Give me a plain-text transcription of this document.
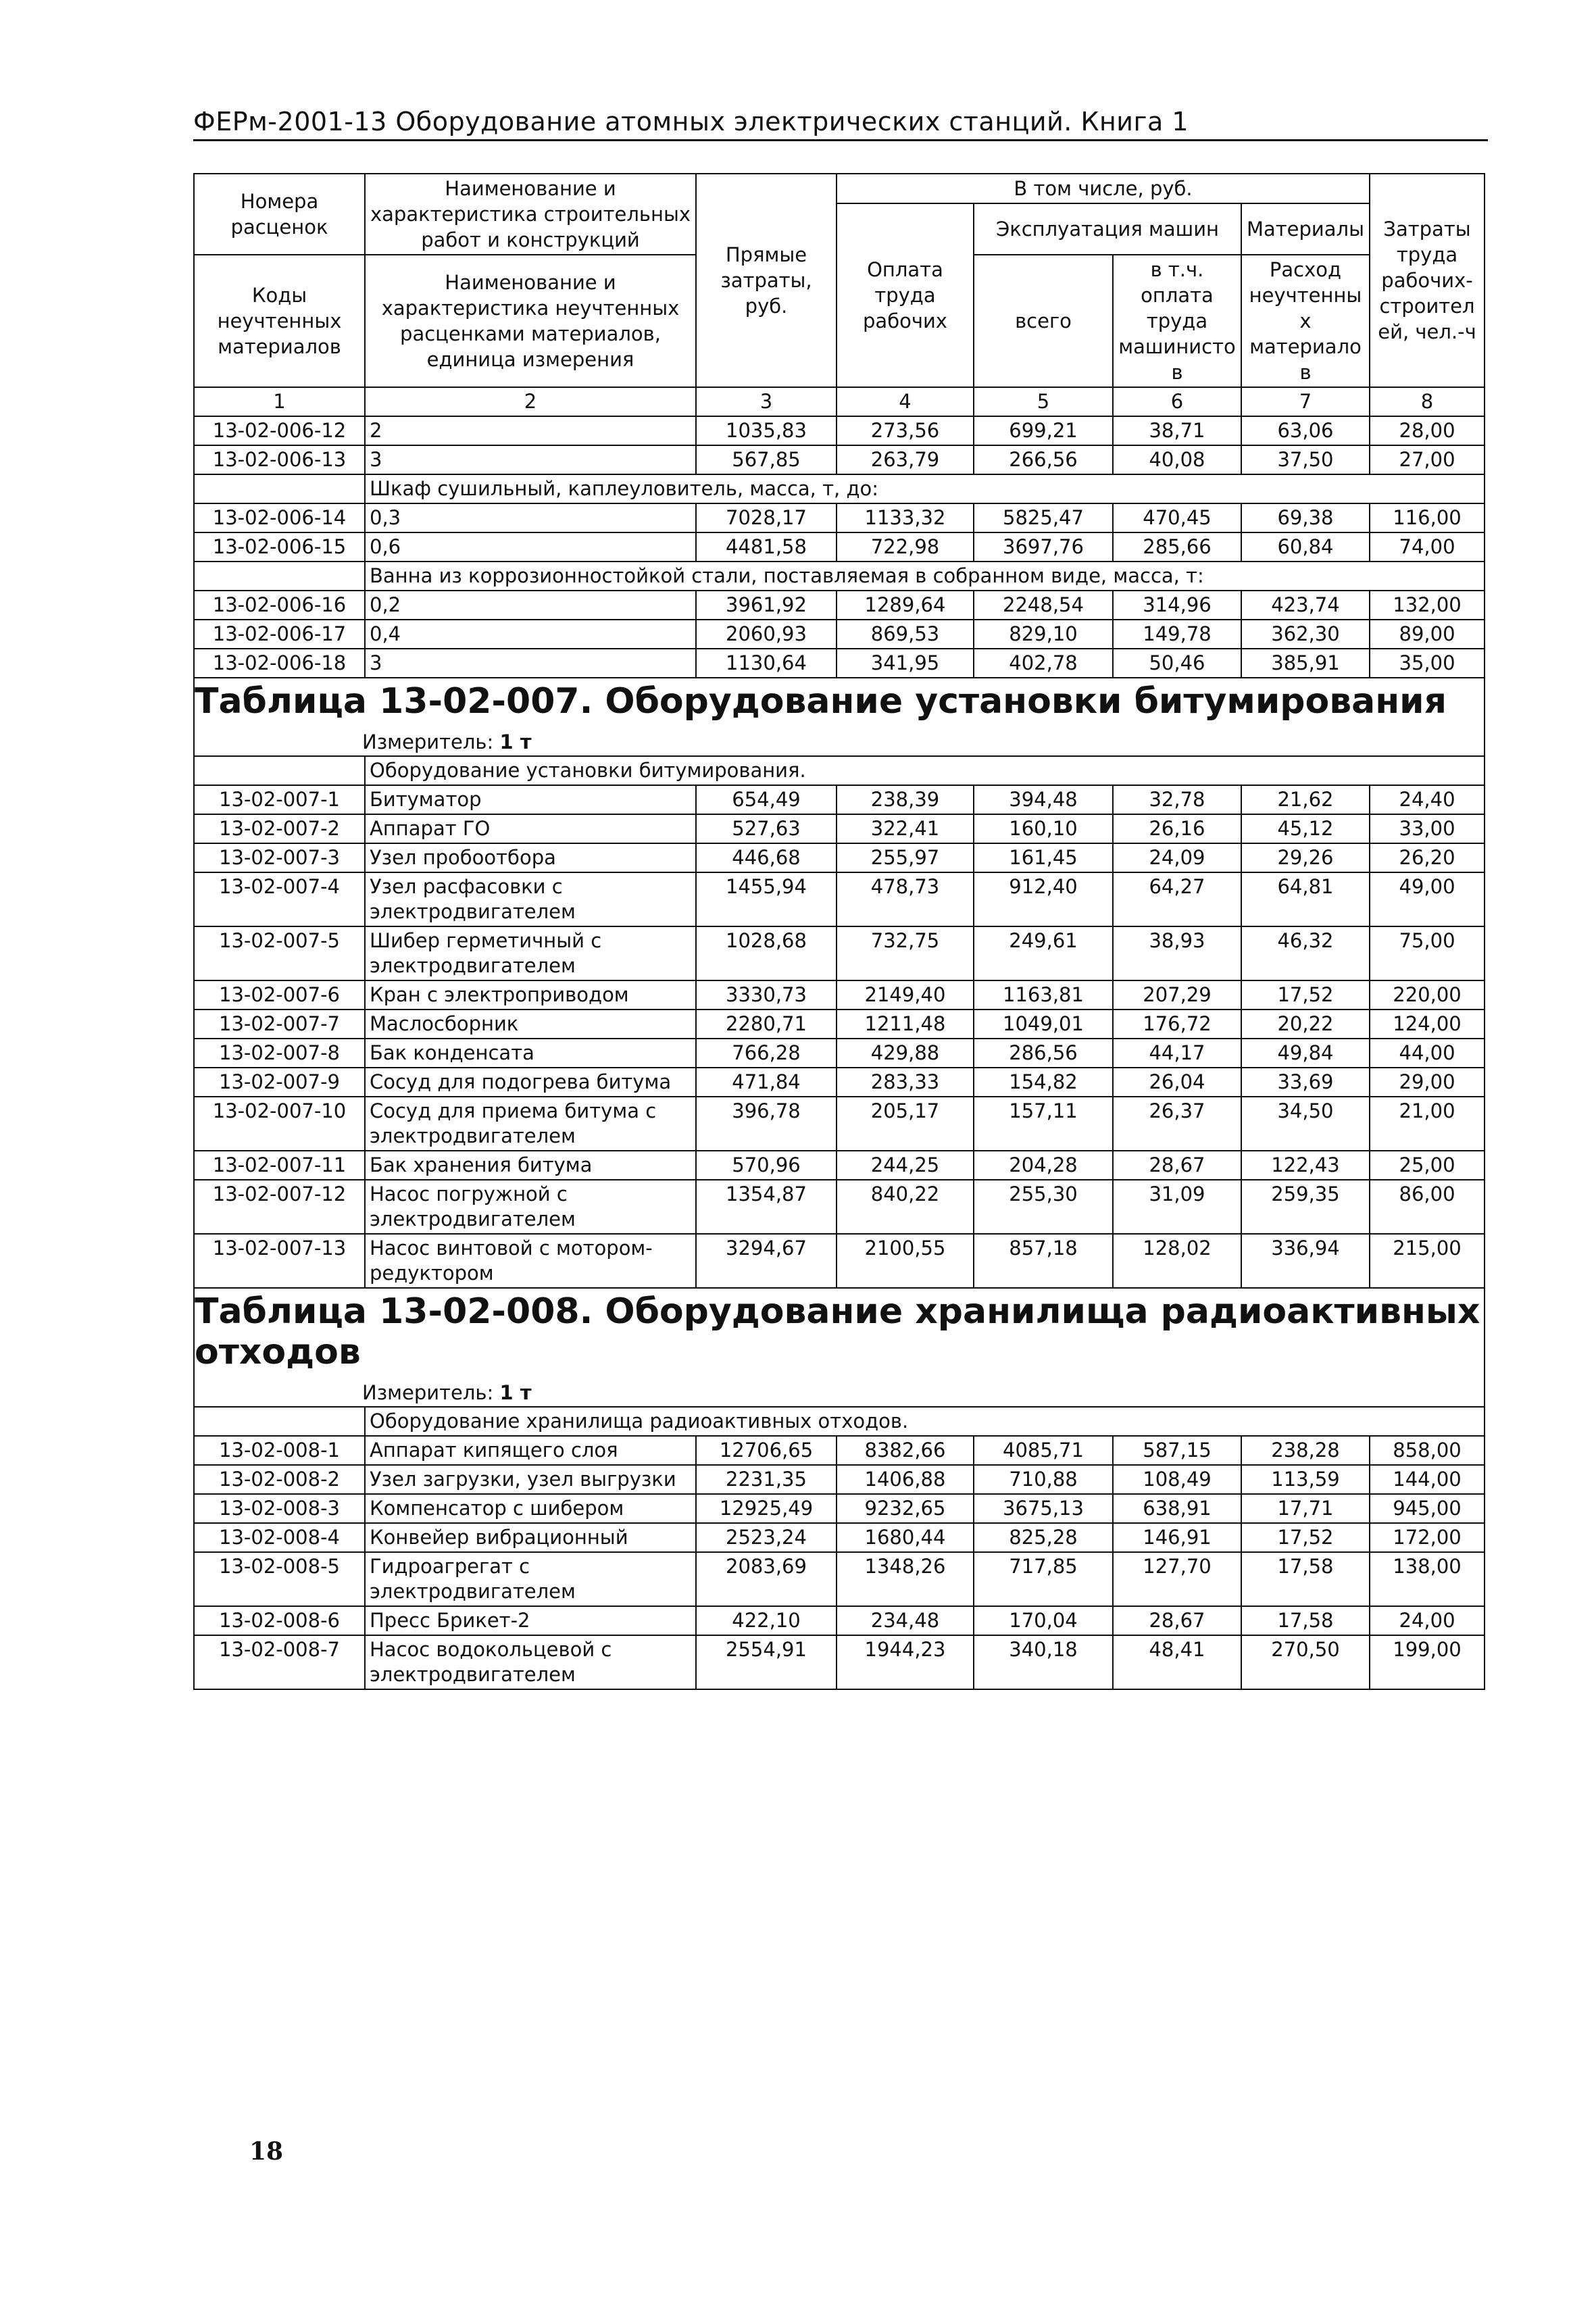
ФЕРм-2001-13 Оборудование атомных электрических станций. Книга 1
Номера расценок	Наименование и характеристика строительных работ и конструкций	Прямые затраты, руб.	В том числе, руб.				Затраты труда рабочих-строител ей, чел.-ч
			Оплата труда рабочих	Эксплуатация машин		Материалы	
Коды неучтенных материалов	Наименование и характеристика неучтенных расценками материалов, единица измерения			всего	в т.ч. оплата труда машинисто в	Расход неучтенны х материало в	

1	2	3	4	5	6	7	8
13-02-006-12	2	1035,83	273,56	699,21	38,71	63,06	28,00
13-02-006-13	3	567,85	263,79	266,56	40,08	37,50	27,00
	Шкаф сушильный, каплеуловитель, масса, т, до:						
13-02-006-14	0,3	7028,17	1133,32	5825,47	470,45	69,38	116,00
13-02-006-15	0,6	4481,58	722,98	3697,76	285,66	60,84	74,00
	Ванна из коррозионностойкой стали, поставляемая в собранном виде, масса, т:						
13-02-006-16	0,2	3961,92	1289,64	2248,54	314,96	423,74	132,00
13-02-006-17	0,4	2060,93	869,53	829,10	149,78	362,30	89,00
13-02-006-18	3	1130,64	341,95	402,78	50,46	385,91	35,00

Таблица 13-02-007. Оборудование установки битумирования
Измеритель: 1 т							

	Оборудование установки битумирования.						
13-02-007-1	Битуматор	654,49	238,39	394,48	32,78	21,62	24,40
13-02-007-2	Аппарат ГО	527,63	322,41	160,10	26,16	45,12	33,00
13-02-007-3	Узел пробоотбора	446,68	255,97	161,45	24,09	29,26	26,20
13-02-007-4	Узел расфасовки с электродвигателем	1455,94	478,73	912,40	64,27	64,81	49,00
13-02-007-5	Шибер герметичный с электродвигателем	1028,68	732,75	249,61	38,93	46,32	75,00
13-02-007-6	Кран с электроприводом	3330,73	2149,40	1163,81	207,29	17,52	220,00
13-02-007-7	Маслосборник	2280,71	1211,48	1049,01	176,72	20,22	124,00
13-02-007-8	Бак конденсата	766,28	429,88	286,56	44,17	49,84	44,00
13-02-007-9	Сосуд для подогрева битума	471,84	283,33	154,82	26,04	33,69	29,00
13-02-007-10	Сосуд для приема битума с электродвигателем	396,78	205,17	157,11	26,37	34,50	21,00
13-02-007-11	Бак хранения битума	570,96	244,25	204,28	28,67	122,43	25,00
13-02-007-12	Насос погружной с электродвигателем	1354,87	840,22	255,30	31,09	259,35	86,00
13-02-007-13	Насос винтовой с мотором-редуктором	3294,67	2100,55	857,18	128,02	336,94	215,00

Таблица 13-02-008. Оборудование хранилища радиоактивных отходов
Измеритель: 1 т							

	Оборудование хранилища радиоактивных отходов.						
13-02-008-1	Аппарат кипящего слоя	12706,65	8382,66	4085,71	587,15	238,28	858,00
13-02-008-2	Узел загрузки, узел выгрузки	2231,35	1406,88	710,88	108,49	113,59	144,00
13-02-008-3	Компенсатор с шибером	12925,49	9232,65	3675,13	638,91	17,71	945,00
13-02-008-4	Конвейер вибрационный	2523,24	1680,44	825,28	146,91	17,52	172,00
13-02-008-5	Гидроагрегат с электродвигателем	2083,69	1348,26	717,85	127,70	17,58	138,00
13-02-008-6	Пресс Брикет-2	422,10	234,48	170,04	28,67	17,58	24,00
13-02-008-7	Насос водокольцевой с электродвигателем	2554,91	1944,23	340,18	48,41	270,50	199,00
18
